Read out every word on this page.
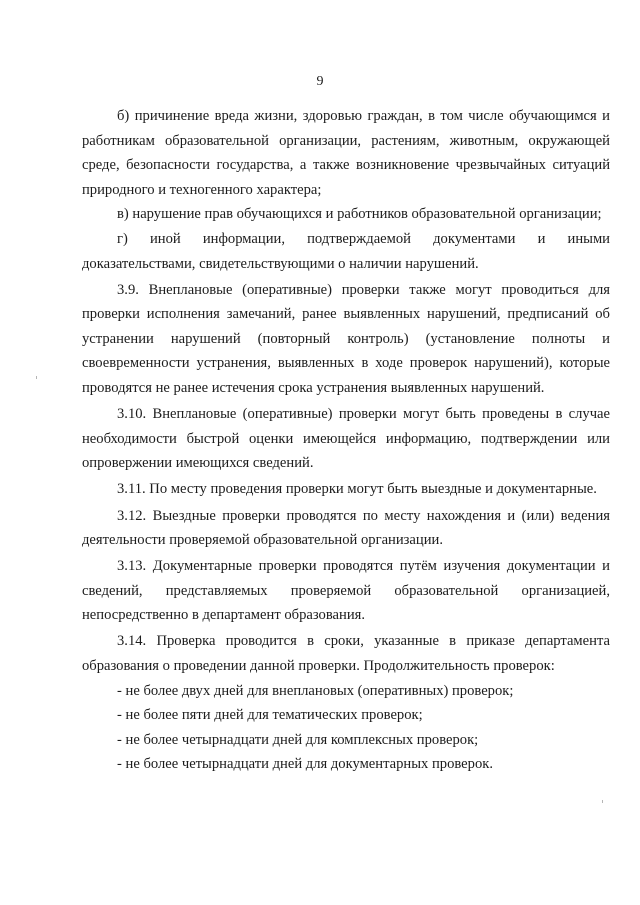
9

б) причинение вреда жизни, здоровью граждан, в том числе обучающимся и работникам образовательной организации, растениям, животным, окружающей среде, безопасности государства, а также возникновение чрезвычайных ситуаций природного и техногенного характера;

в) нарушение прав обучающихся и работников образовательной организации;

г) иной информации, подтверждаемой документами и иными доказательствами, свидетельствующими о наличии нарушений.

3.9. Внеплановые (оперативные) проверки также могут проводиться для проверки исполнения замечаний, ранее выявленных нарушений, предписаний об устранении нарушений (повторный контроль) (установление полноты и своевременности устранения, выявленных в ходе проверок нарушений), которые проводятся не ранее истечения срока устранения выявленных нарушений.

3.10. Внеплановые (оперативные) проверки могут быть проведены в случае необходимости быстрой оценки имеющейся информацию, подтверждении или опровержении имеющихся сведений.

3.11. По месту проведения проверки могут быть выездные и документарные.

3.12. Выездные проверки проводятся по месту нахождения и (или) ведения деятельности проверяемой образовательной организации.

3.13. Документарные проверки проводятся путём изучения документации и сведений, представляемых проверяемой образовательной организацией, непосредственно в департамент образования.

3.14. Проверка проводится в сроки, указанные в приказе департамента образования о проведении данной проверки. Продолжительность проверок:

- не более двух дней для внеплановых (оперативных) проверок;

- не более пяти дней для тематических проверок;

- не более четырнадцати дней для комплексных проверок;

- не более четырнадцати дней для документарных проверок.
